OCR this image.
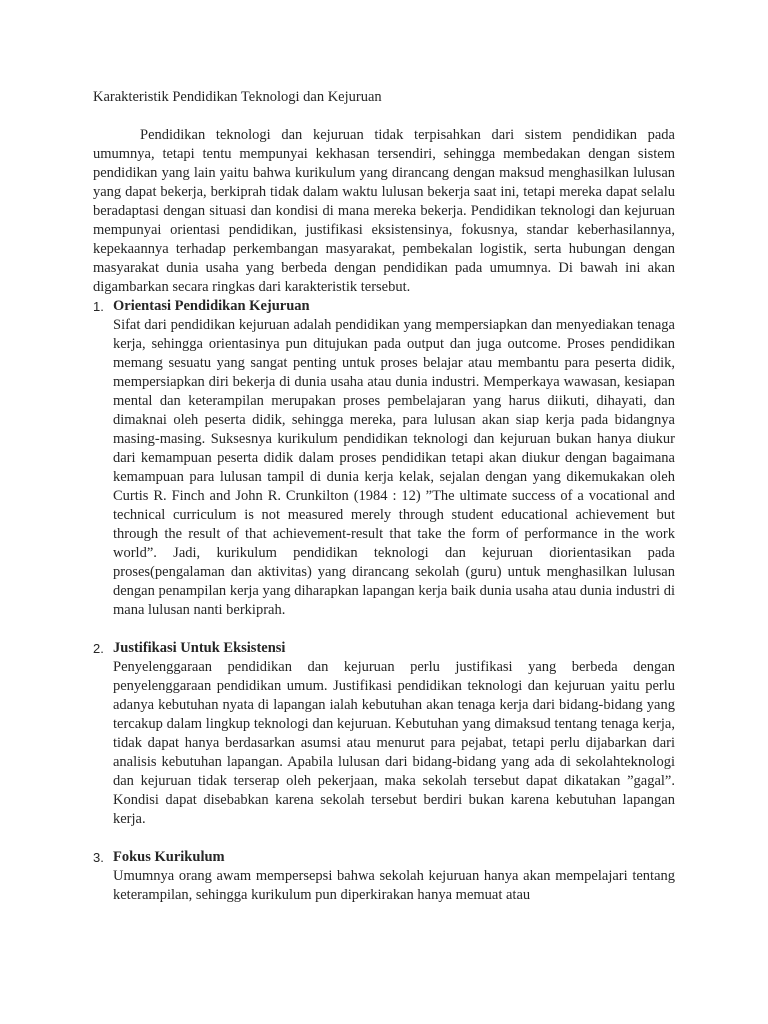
Karakteristik Pendidikan Teknologi dan Kejuruan

Pendidikan teknologi dan kejuruan tidak terpisahkan dari sistem pendidikan pada umumnya, tetapi tentu mempunyai kekhasan tersendiri, sehingga membedakan dengan sistem pendidikan yang lain yaitu bahwa kurikulum yang dirancang dengan maksud menghasilkan lulusan yang dapat bekerja, berkiprah tidak dalam waktu lulusan bekerja saat ini, tetapi mereka dapat selalu beradaptasi dengan situasi dan kondisi di mana mereka bekerja. Pendidikan teknologi dan kejuruan mempunyai orientasi pendidikan, justifikasi eksistensinya, fokusnya, standar keberhasilannya, kepekaannya terhadap perkembangan masyarakat, pembekalan logistik, serta hubungan dengan masyarakat dunia usaha yang berbeda dengan pendidikan pada umumnya. Di bawah ini akan digambarkan secara ringkas dari karakteristik tersebut.

1. Orientasi Pendidikan Kejuruan

Sifat dari pendidikan kejuruan adalah pendidikan yang mempersiapkan dan menyediakan tenaga kerja, sehingga orientasinya pun ditujukan pada output dan juga outcome. Proses pendidikan memang sesuatu yang sangat penting untuk proses belajar atau membantu para peserta didik, mempersiapkan diri bekerja di dunia usaha atau dunia industri. Memperkaya wawasan, kesiapan mental dan keterampilan merupakan proses pembelajaran yang harus diikuti, dihayati, dan dimaknai oleh peserta didik, sehingga mereka, para lulusan akan siap kerja pada bidangnya masing-masing. Suksesnya kurikulum pendidikan teknologi dan kejuruan bukan hanya diukur dari kemampuan peserta didik dalam proses pendidikan tetapi akan diukur dengan bagaimana kemampuan para lulusan tampil di dunia kerja kelak, sejalan dengan yang dikemukakan oleh Curtis R. Finch and John R. Crunkilton (1984 : 12) ”The ultimate success of a vocational and technical curriculum is not measured merely through student educational achievement but through the result of that achievement-result that take the form of performance in the work world”. Jadi, kurikulum pendidikan teknologi dan kejuruan diorientasikan pada proses(pengalaman dan aktivitas) yang dirancang sekolah (guru) untuk menghasilkan lulusan dengan penampilan kerja yang diharapkan lapangan kerja baik dunia usaha atau dunia industri di mana lulusan nanti berkiprah.

2. Justifikasi Untuk Eksistensi

Penyelenggaraan pendidikan dan kejuruan perlu justifikasi yang berbeda dengan penyelenggaraan pendidikan umum. Justifikasi pendidikan teknologi dan kejuruan yaitu perlu adanya kebutuhan nyata di lapangan ialah kebutuhan akan tenaga kerja dari bidang-bidang yang tercakup dalam lingkup teknologi dan kejuruan. Kebutuhan yang dimaksud tentang tenaga kerja, tidak dapat hanya berdasarkan asumsi atau menurut para pejabat, tetapi perlu dijabarkan dari analisis kebutuhan lapangan. Apabila lulusan dari bidang-bidang yang ada di sekolahteknologi dan kejuruan tidak terserap oleh pekerjaan, maka sekolah tersebut dapat dikatakan ”gagal”. Kondisi dapat disebabkan karena sekolah tersebut berdiri bukan karena kebutuhan lapangan kerja.

3. Fokus Kurikulum

Umumnya orang awam mempersepsi bahwa sekolah kejuruan hanya akan mempelajari tentang keterampilan, sehingga kurikulum pun diperkirakan hanya memuat atau
